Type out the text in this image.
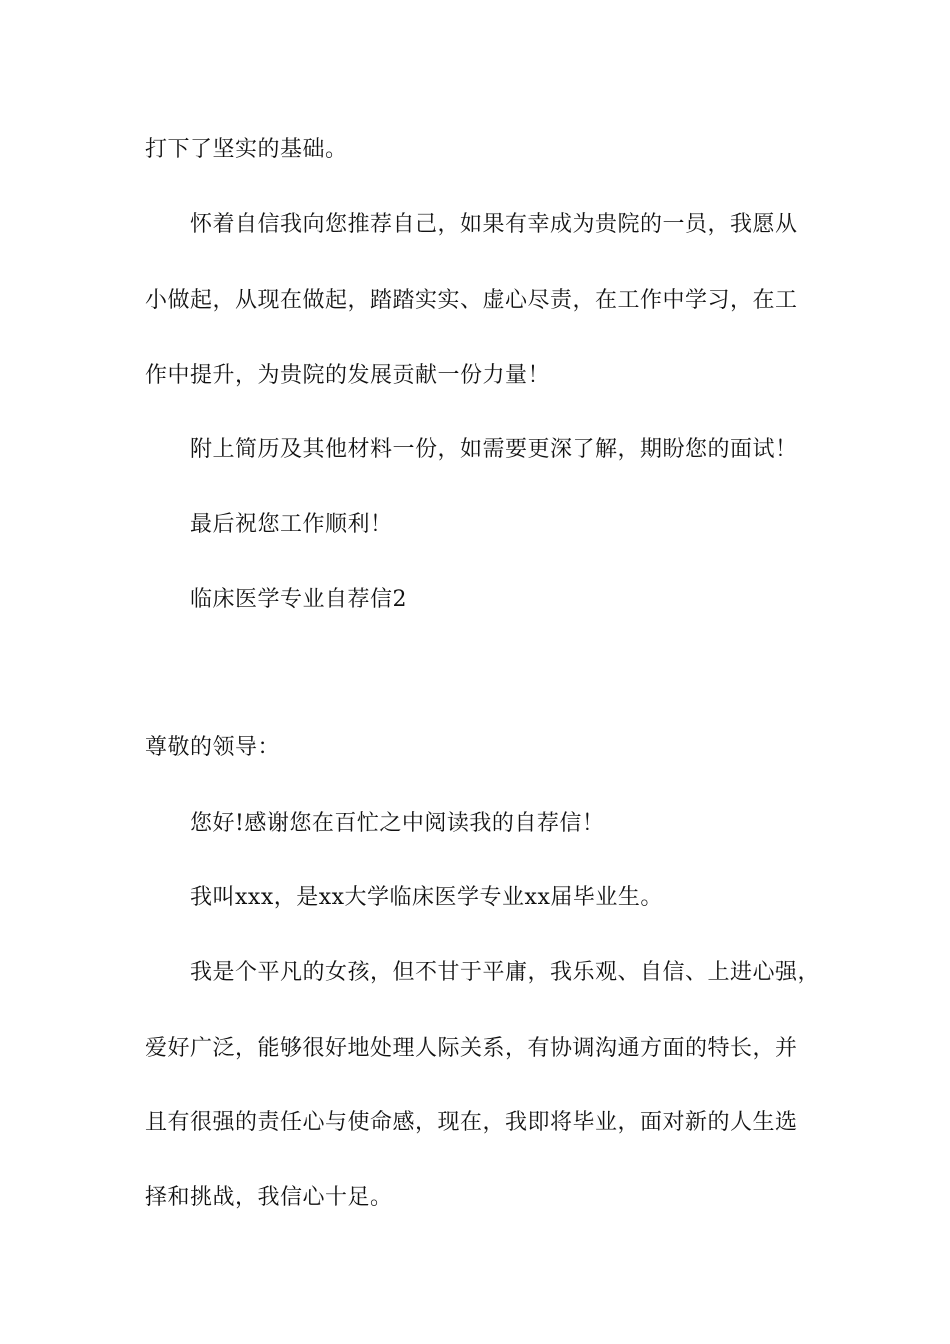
打下了坚实的基础。
怀着自信我向您推荐自己，如果有幸成为贵院的一员，我愿从
小做起，从现在做起，踏踏实实、虚心尽责，在工作中学习，在工
作中提升，为贵院的发展贡献一份力量！
附上简历及其他材料一份，如需要更深了解，期盼您的面试！
最后祝您工作顺利！
临床医学专业自荐信2
尊敬的领导：
您好!感谢您在百忙之中阅读我的自荐信！
我叫xxx，是xx大学临床医学专业xx届毕业生。
我是个平凡的女孩，但不甘于平庸，我乐观、自信、上进心强，
爱好广泛，能够很好地处理人际关系，有协调沟通方面的特长，并
且有很强的责任心与使命感，现在，我即将毕业，面对新的人生选
择和挑战，我信心十足。
